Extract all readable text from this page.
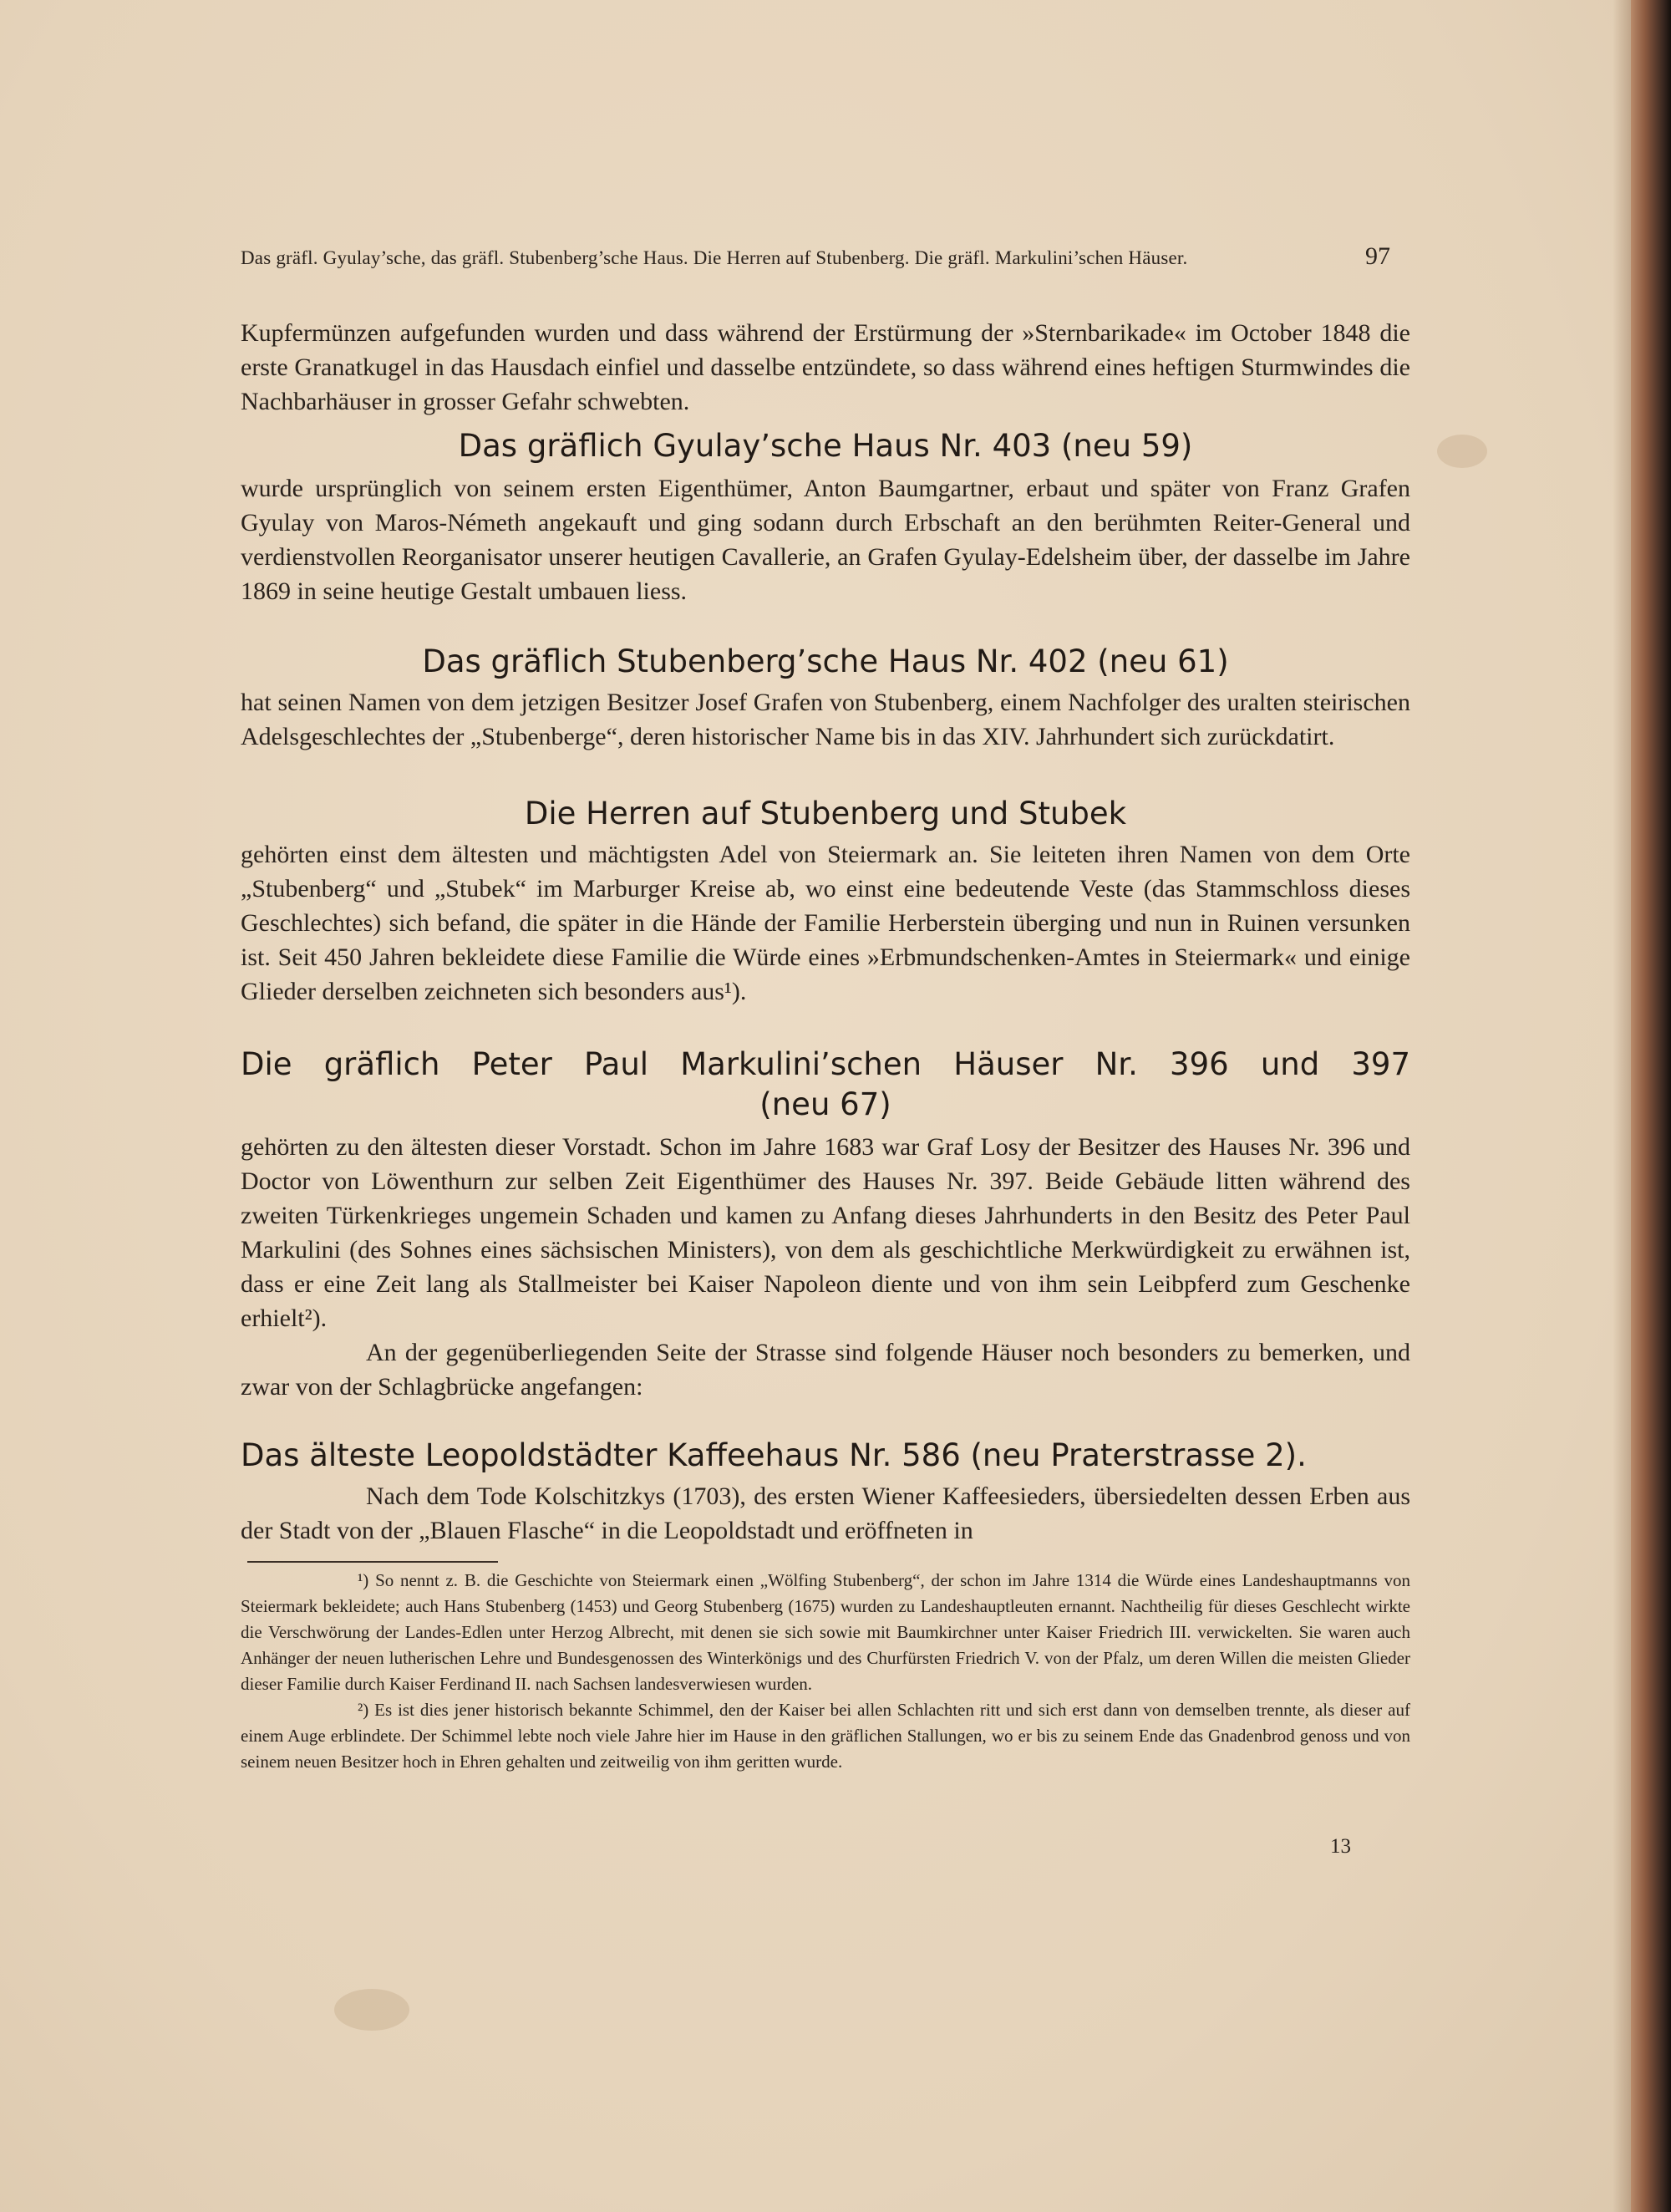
Das gräfl. Gyulay’sche, das gräfl. Stubenberg’sche Haus. Die Herren auf Stubenberg. Die gräfl. Markulini’schen Häuser.	97
Kupfermünzen aufgefunden wurden und dass während der Erstürmung der »Sternbarikade« im October 1848 die erste Granatkugel in das Hausdach einfiel und dasselbe entzündete, so dass während eines heftigen Sturmwindes die Nachbarhäuser in grosser Gefahr schwebten.
Das gräflich Gyulay’sche Haus Nr. 403 (neu 59)
wurde ursprünglich von seinem ersten Eigenthümer, Anton Baumgartner, erbaut und später von Franz Grafen Gyulay von Maros-Németh angekauft und ging sodann durch Erbschaft an den berühmten Reiter-General und verdienstvollen Reorganisator unserer heutigen Cavallerie, an Grafen Gyulay-Edelsheim über, der dasselbe im Jahre 1869 in seine heutige Gestalt umbauen liess.
Das gräflich Stubenberg’sche Haus Nr. 402 (neu 61)
hat seinen Namen von dem jetzigen Besitzer Josef Grafen von Stubenberg, einem Nachfolger des uralten steirischen Adelsgeschlechtes der „Stubenberge“, deren historischer Name bis in das XIV. Jahrhundert sich zurückdatirt.
Die Herren auf Stubenberg und Stubek
gehörten einst dem ältesten und mächtigsten Adel von Steiermark an. Sie leiteten ihren Namen von dem Orte „Stubenberg“ und „Stubek“ im Marburger Kreise ab, wo einst eine bedeutende Veste (das Stammschloss dieses Geschlechtes) sich befand, die später in die Hände der Familie Herberstein überging und nun in Ruinen versunken ist. Seit 450 Jahren bekleidete diese Familie die Würde eines »Erbmundschenken-Amtes in Steiermark« und einige Glieder derselben zeichneten sich besonders aus¹).
Die gräflich Peter Paul Markulini’schen Häuser Nr. 396 und 397
(neu 67)
gehörten zu den ältesten dieser Vorstadt. Schon im Jahre 1683 war Graf Losy der Besitzer des Hauses Nr. 396 und Doctor von Löwenthurn zur selben Zeit Eigenthümer des Hauses Nr. 397. Beide Gebäude litten während des zweiten Türkenkrieges ungemein Schaden und kamen zu Anfang dieses Jahrhunderts in den Besitz des Peter Paul Markulini (des Sohnes eines sächsischen Ministers), von dem als geschichtliche Merkwürdigkeit zu erwähnen ist, dass er eine Zeit lang als Stallmeister bei Kaiser Napoleon diente und von ihm sein Leibpferd zum Geschenke erhielt²).
An der gegenüberliegenden Seite der Strasse sind folgende Häuser noch besonders zu bemerken, und zwar von der Schlagbrücke angefangen:
Das älteste Leopoldstädter Kaffeehaus Nr. 586 (neu Praterstrasse 2).
Nach dem Tode Kolschitzkys (1703), des ersten Wiener Kaffeesieders, übersiedelten dessen Erben aus der Stadt von der „Blauen Flasche“ in die Leopoldstadt und eröffneten in
¹) So nennt z. B. die Geschichte von Steiermark einen „Wölfing Stubenberg“, der schon im Jahre 1314 die Würde eines Landeshauptmanns von Steiermark bekleidete; auch Hans Stubenberg (1453) und Georg Stubenberg (1675) wurden zu Landeshauptleuten ernannt. Nachtheilig für dieses Geschlecht wirkte die Verschwörung der Landes-Edlen unter Herzog Albrecht, mit denen sie sich sowie mit Baumkirchner unter Kaiser Friedrich III. verwickelten. Sie waren auch Anhänger der neuen lutherischen Lehre und Bundesgenossen des Winterkönigs und des Churfürsten Friedrich V. von der Pfalz, um deren Willen die meisten Glieder dieser Familie durch Kaiser Ferdinand II. nach Sachsen landesverwiesen wurden.
²) Es ist dies jener historisch bekannte Schimmel, den der Kaiser bei allen Schlachten ritt und sich erst dann von demselben trennte, als dieser auf einem Auge erblindete. Der Schimmel lebte noch viele Jahre hier im Hause in den gräflichen Stallungen, wo er bis zu seinem Ende das Gnadenbrod genoss und von seinem neuen Besitzer hoch in Ehren gehalten und zeitweilig von ihm geritten wurde.
13
